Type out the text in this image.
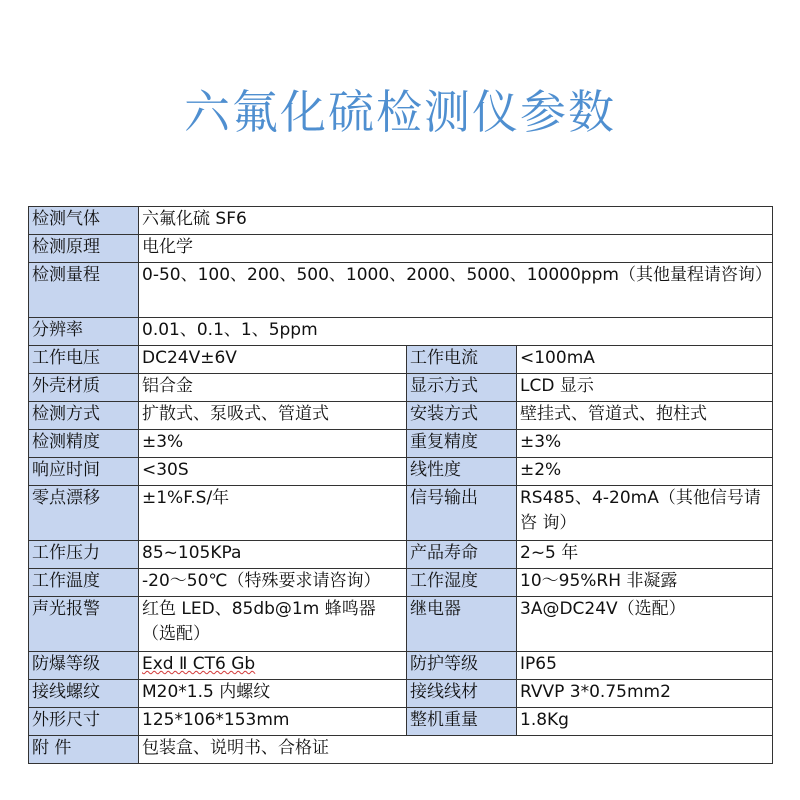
六氟化硫检测仪参数
检测气体	六氟化硫 SF6		
检测原理	电化学		
检测量程	0-50、100、200、500、1000、2000、5000、10000ppm（其他量程请咨询）		
分辨率	0.01、0.1、1、5ppm		
工作电压	DC24V±6V	工作电流	<100mA
外壳材质	铝合金	显示方式	LCD 显示
检测方式	扩散式、泵吸式、管道式	安装方式	壁挂式、管道式、抱柱式
检测精度	±3%	重复精度	±3%
响应时间	<30S	线性度	±2%
零点漂移	±1%F.S/年	信号输出	RS485、4-20mA（其他信号请咨 询）
工作压力	85~105KPa	产品寿命	2~5 年
工作温度	-20～50℃（特殊要求请咨询）	工作湿度	10～95%RH 非凝露
声光报警	红色 LED、85db@1m 蜂鸣器（选配）	继电器	3A@DC24V（选配）
防爆等级	Exd Ⅱ CT6 Gb	防护等级	IP65
接线螺纹	M20*1.5 内螺纹	接线线材	RVVP 3*0.75mm2
外形尺寸	125*106*153mm	整机重量	1.8Kg
附 件	包装盒、说明书、合格证		
